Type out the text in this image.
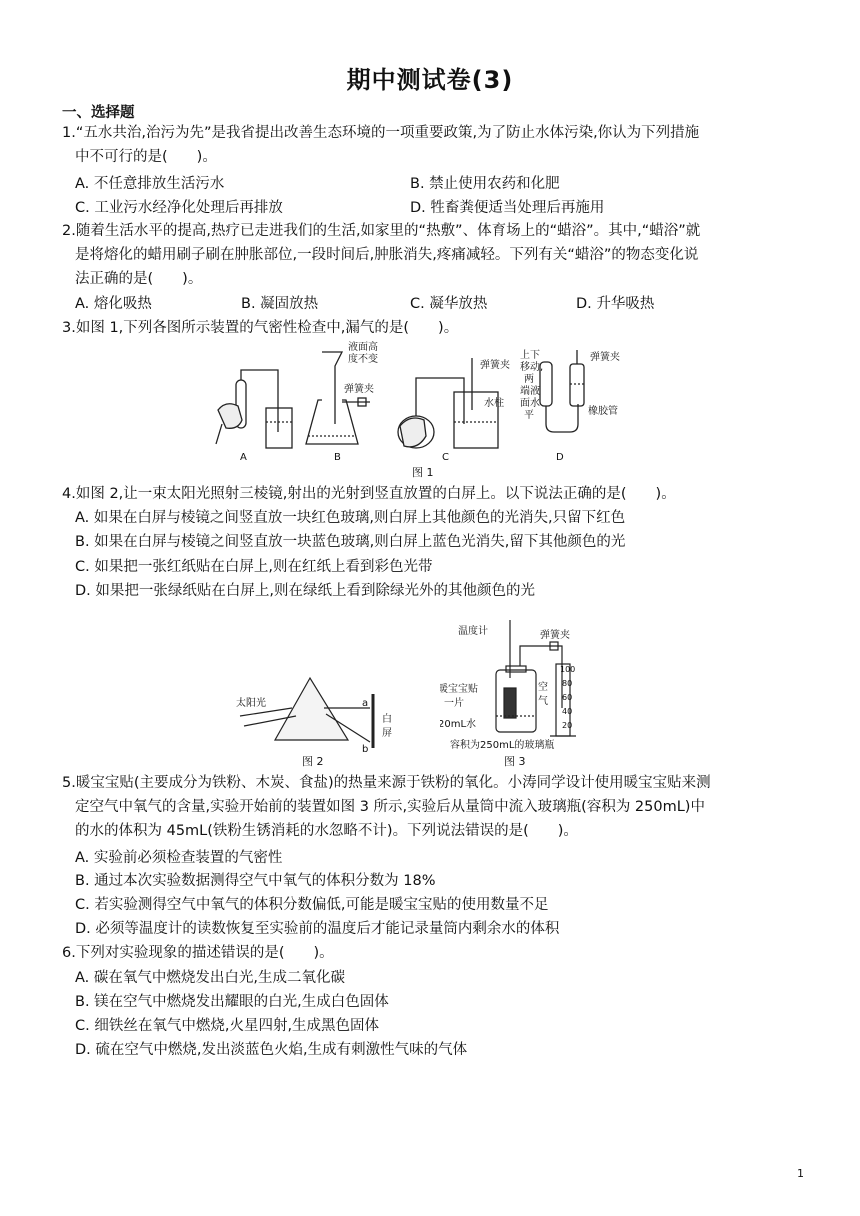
期中测试卷(3)
一、选择题
1.“五水共治,治污为先”是我省提出改善生态环境的一项重要政策,为了防止水体污染,你认为下列措施
中不可行的是(　　)。
A. 不任意排放生活污水	B. 禁止使用农药和化肥
C. 工业污水经净化处理后再排放	D. 牲畜粪便适当处理后再施用
2.随着生活水平的提高,热疗已走进我们的生活,如家里的“热敷”、体育场上的“蜡浴”。其中,“蜡浴”就
是将熔化的蜡用刷子刷在肿胀部位,一段时间后,肿胀消失,疼痛减轻。下列有关“蜡浴”的物态变化说
法正确的是(　　)。
A. 熔化吸热	B. 凝固放热	C. 凝华放热	D. 升华吸热
3.如图 1,下列各图所示装置的气密性检查中,漏气的是(　　)。
A	B	C	D
液面高
度不变
弹簧夹
弹簧夹
水柱
上下
移动,
两
端液
面水
平
弹簧夹
橡胶管
图 1
4.如图 2,让一束太阳光照射三棱镜,射出的光射到竖直放置的白屏上。以下说法正确的是(　　)。
A. 如果在白屏与棱镜之间竖直放一块红色玻璃,则白屏上其他颜色的光消失,只留下红色
B. 如果在白屏与棱镜之间竖直放一块蓝色玻璃,则白屏上蓝色光消失,留下其他颜色的光
C. 如果把一张红纸贴在白屏上,则在红纸上看到彩色光带
D. 如果把一张绿纸贴在白屏上,则在绿纸上看到除绿光外的其他颜色的光
太阳光	a
b
白
屏
图 2
100
80
60
40
20
温度计	弹簧夹
暖宝宝贴
一片
20mL水
空
气
容积为250mL的玻璃瓶
图 3
5.暖宝宝贴(主要成分为铁粉、木炭、食盐)的热量来源于铁粉的氧化。小涛同学设计使用暖宝宝贴来测
定空气中氧气的含量,实验开始前的装置如图 3 所示,实验后从量筒中流入玻璃瓶(容积为 250mL)中
的水的体积为 45mL(铁粉生锈消耗的水忽略不计)。下列说法错误的是(　　)。
A. 实验前必须检查装置的气密性
B. 通过本次实验数据测得空气中氧气的体积分数为 18%
C. 若实验测得空气中氧气的体积分数偏低,可能是暖宝宝贴的使用数量不足
D. 必须等温度计的读数恢复至实验前的温度后才能记录量筒内剩余水的体积
6.下列对实验现象的描述错误的是(　　)。
A. 碳在氧气中燃烧发出白光,生成二氧化碳
B. 镁在空气中燃烧发出耀眼的白光,生成白色固体
C. 细铁丝在氧气中燃烧,火星四射,生成黑色固体
D. 硫在空气中燃烧,发出淡蓝色火焰,生成有刺激性气味的气体
1
